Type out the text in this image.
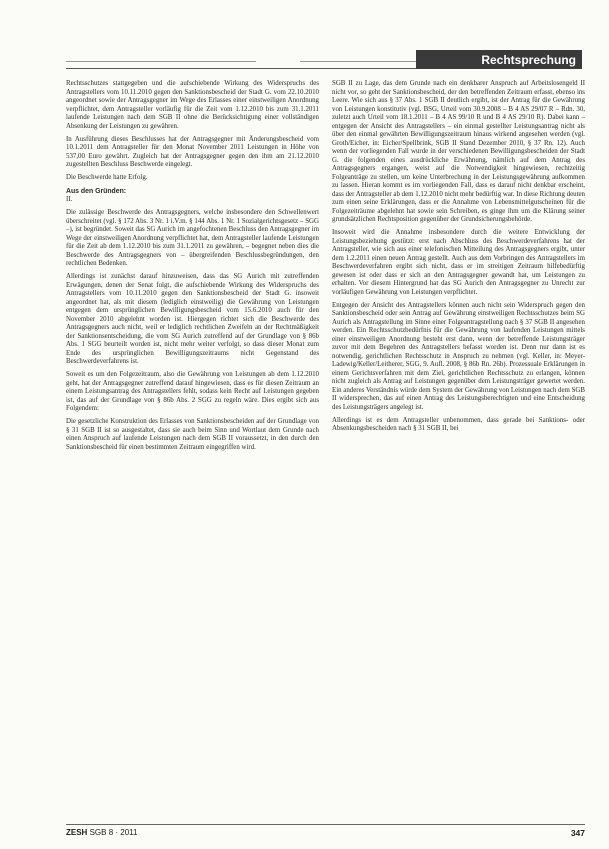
Rechtsprechung

Rechtsschutzes stattgegeben und die aufschiebende Wirkung des Widerspruchs des Antragstellers vom 10.11.2010 gegen den Sanktionsbescheid der Stadt G. vom 22.10.2010 angeordnet sowie der Antragsgegner im Wege des Erlasses einer einstweiligen Anordnung verpflichtet, dem Antragsteller vorläufig für die Zeit vom 1.12.2010 bis zum 31.1.2011 laufende Leistungen nach dem SGB II ohne die Berücksichtigung einer vollständigen Absenkung der Leistungen zu gewähren.

In Ausführung dieses Beschlusses hat der Antragsgegner mit Änderungsbescheid vom 10.1.2011 dem Antragsteller für den Monat November 2011 Leistungen in Höhe von 537,00 Euro gewährt. Zugleich hat der Antragsgegner gegen den ihm am 21.12.2010 zugestellten Beschluss Beschwerde eingelegt.

Die Beschwerde hatte Erfolg.

Aus den Gründen:
II.

Die zulässige Beschwerde des Antragsgegners, welche insbesondere den Schwellenwert überschreitet (vgl. § 172 Abs. 3 Nr. 1 i.V.m. § 144 Abs. 1 Nr. 1 Sozialgerichtsgesetz – SGG –), ist begründet. Soweit das SG Aurich im angefochtenen Beschluss den Antragsgegner im Wege der einstweiligen Anordnung verpflichtet hat, dem Antragsteller laufende Leistungen für die Zeit ab dem 1.12.2010 bis zum 31.1.2011 zu gewähren, – begegnet neben dies die Beschwerde des Antragsgegners von – übergreifenden Beschlussbegründungen, den rechtlichen Bedenken.

Allerdings ist zunächst darauf hinzuweisen, dass das SG Aurich mit zutreffenden Erwägungen, denen der Senat folgt, die aufschiebende Wirkung des Widerspruchs des Antragstellers vom 10.11.2010 gegen den Sanktionsbescheid der Stadt G. insoweit angeordnet hat, als mit diesem (lediglich einstweilig) die Gewährung von Leistungen entgegen dem ursprünglichen Bewilligungsbescheid vom 15.6.2010 auch für den November 2010 abgelehnt worden ist. Hiergegen richtet sich die Beschwerde des Antragsgegners auch nicht, weil er lediglich rechtlichen Zweifeln an der Rechtmäßigkeit der Sanktionsentscheidung, die vom SG Aurich zutreffend auf der Grundlage von § 86b Abs. 1 SGG beurteilt worden ist, nicht mehr weiter verfolgt, so dass dieser Monat zum Ende des ursprünglichen Bewilligungszeitraums nicht Gegenstand des Beschwerdeverfahrens ist.

Soweit es um den Folgezeitraum, also die Gewährung von Leistungen ab dem 1.12.2010 geht, hat der Antragsgegner zutreffend darauf hingewiesen, dass es für diesen Zeitraum an einem Leistungsantrag des Antragstellers fehlt, sodass kein Recht auf Leistungen gegeben ist, das auf der Grundlage von § 86b Abs. 2 SGG zu regeln wäre. Dies ergibt sich aus Folgendem:

Die gesetzliche Konstruktion des Erlasses von Sanktionsbescheiden auf der Grundlage von § 31 SGB II ist so ausgestaltet, dass sie auch beim Sinn und Wortlaut dem Grunde nach einen Anspruch auf laufende Leistungen nach dem SGB II voraussetzt, in den durch den Sanktionsbescheid für einen bestimmten Zeitraum eingegriffen wird.

SGB II zu Lage, das dem Grunde nach ein denkbarer Anspruch auf Arbeitslosengeld II nicht vor, so geht der Sanktionsbescheid, der den betreffenden Zeitraum erfasst, ebenso ins Leere. Wie sich aus § 37 Abs. 1 SGB II deutlich ergibt, ist der Antrag für die Gewährung von Leistungen konstitutiv (vgl. BSG, Urteil vom 30.9.2008 – B 4 AS 29/07 R – Rdn. 30, zuletzt auch Urteil vom 18.1.2011 – B 4 AS 99/10 R und B 4 AS 29/10 R). Dabei kann – entgegen der Ansicht des Antragstellers – ein einmal gestellter Leistungsantrag nicht als über den einmal gewährten Bewilligungszeitraum hinaus wirkend angesehen werden (vgl. Groth/Eicher, in: Eicher/Spellbrink, SGB II Stand Dezember 2010, § 37 Rn. 12). Auch wenn der vorliegenden Fall wurde in der verschiedenen Bewilligungsbescheiden der Stadt G. die folgenden eines ausdrückliche Erwähnung, nämlich auf dem Antrag des Antragsgegners ergangen, weist auf die Notwendigkeit hingewiesen, rechtzeitig Folgeanträge zu stellen, um keine Unterbrechung in der Leistungsgewährung aufkommen zu lassen. Hieran kommt es im vorliegenden Fall, dass es darauf nicht denkbar erscheint, dass der Antragsteller ab dem 1.12.2010 nicht mehr bedürftig war. In diese Richtung deuten zum einen seine Erklärungen, dass er die Annahme von Lebensmittelgutscheinen für die Folgezeiträume abgelehnt hat sowie sein Schreiben, es ginge ihm um die Klärung seiner grundsätzlichen Rechtsposition gegenüber der Grundsicherungsbehörde.

Insoweit wird die Annahme insbesondere durch die weitere Entwicklung der Leistungsbeziehung gestützt: erst nach Abschluss des Beschwerdeverfahrens hat der Antragsteller, wie sich aus einer telefonischen Mitteilung des Antragsgegners ergibt, unter dem 1.2.2011 einen neuen Antrag gestellt. Auch aus dem Vorbringen des Antragstellers im Beschwerdeverfahren ergibt sich nicht, dass er im streitigen Zeitraum hilfebedürftig gewesen ist oder dass er sich an den Antragsgegner gewandt hat, um Leistungen zu erhalten. Vor diesem Hintergrund hat das SG Aurich den Antragsgegner zu Unrecht zur vorläufigen Gewährung von Leistungen verpflichtet.

Entgegen der Ansicht des Antragstellers können auch nicht sein Widerspruch gegen den Sanktionsbescheid oder sein Antrag auf Gewährung einstweiligen Rechtsschutzes beim SG Aurich als Antragstellung im Sinne einer Folgeantragstellung nach § 37 SGB II angesehen werden. Ein Rechtsschutzbedürfnis für die Gewährung von laufenden Leistungen mittels einer einstweiligen Anordnung besteht erst dann, wenn der betreffende Leistungsträger zuvor mit dem Begehren des Antragstellers befasst worden ist. Denn nur dann ist es notwendig, gerichtlichen Rechtsschutz in Anspruch zu nehmen (vgl. Keller, in: Meyer-Ladewig/Keller/Leitherer, SGG, 9. Aufl. 2008, § 86b Rn. 26b). Prozessuale Erklärungen in einem Gerichtsverfahren mit dem Ziel, gerichtlichen Rechtsschutz zu erlangen, können nicht zugleich als Antrag auf Leistungen gegenüber dem Leistungsträger gewertet werden. Ein anderes Verständnis würde dem System der Gewährung von Leistungen nach dem SGB II widersprechen, das auf einen Antrag des Leistungsberechtigten und eine Entscheidung des Leistungsträgers angelegt ist.

Allerdings ist es dem Antragsteller unbenommen, dass gerade bei Sanktions- oder Absenkungsbescheiden nach § 31 SGB II, bei

ZESH SGB 8 · 2011	347
